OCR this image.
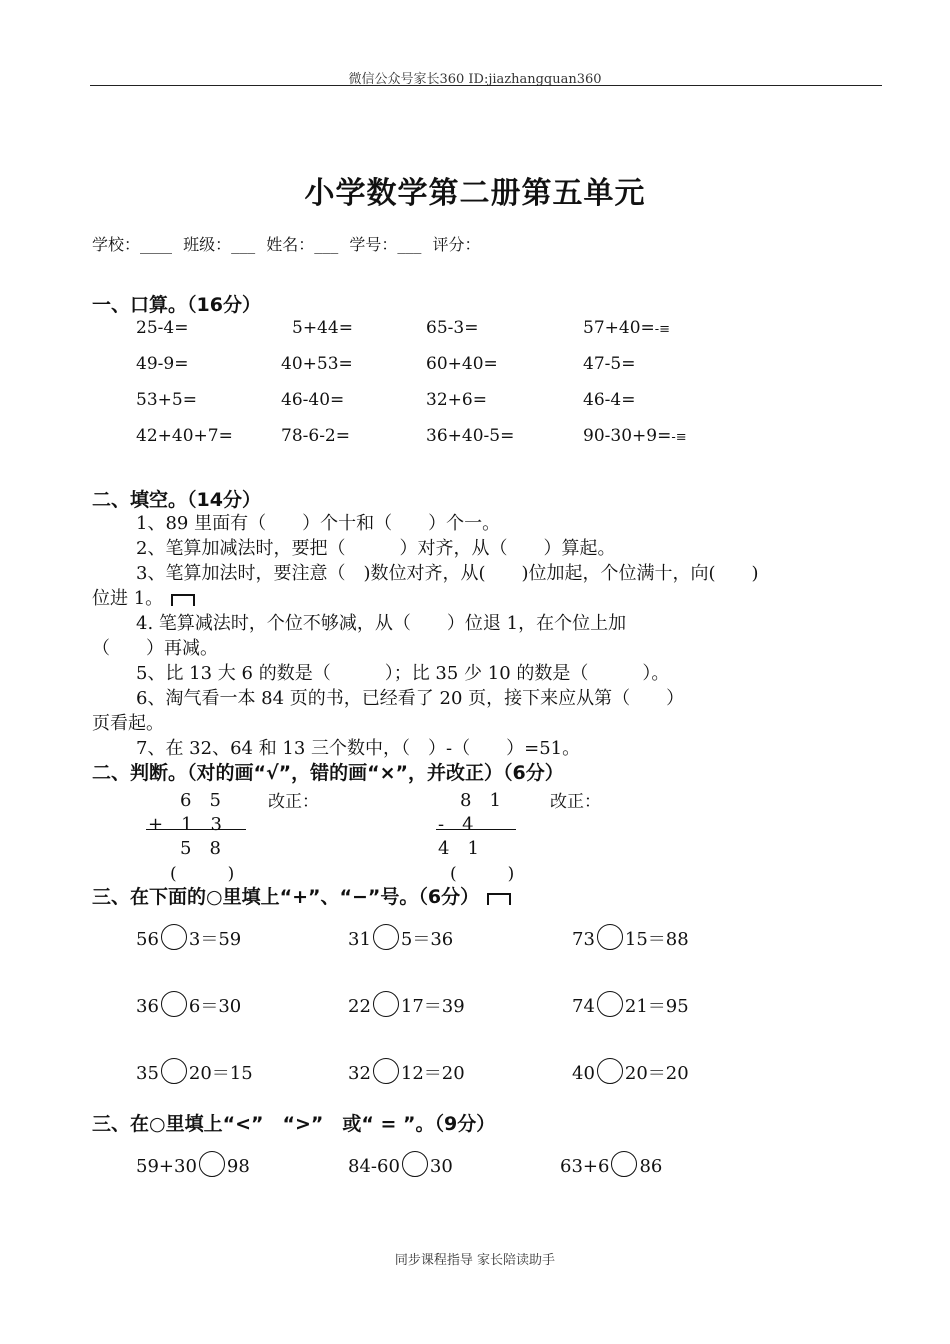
微信公众号家长360 ID:jiazhangquan360
小学数学第二册第五单元
学校：____ 班级：___ 姓名：___ 学号：___ 评分：
一、口算。（16分）
25-4=	5+44=	65-3=	57+40=-≡
49-9=	40+53=	60+40=	47-5=
53+5=	46-40=	32+6=	46-4=
42+40+7=	78-6-2=	36+40-5=	90-30+9=-≡
二、填空。（14分）
1、89 里面有（　　）个十和（　　）个一。
2、笔算加减法时，要把（　　　）对齐，从（　　）算起。
3、笔算加法时，要注意（　)数位对齐，从(　　)位加起，个位满十，向(　　)
位进 1。
4. 笔算减法时，个位不够减，从（　　）位退 1，在个位上加
（　　）再减。
5、比 13 大 6 的数是（　　　）；比 35 少 10 的数是（　　　）。
6、淘气看一本 84 页的书，已经看了 20 页，接下来应从第（　　）
页看起。
7、在 32、64 和 13 三个数中，（　）-（　　）=51。
二、判断。（对的画“√”，错的画“×”，并改正）（6分）
6　5	改正：
+　1　3
5　8
(　　　)
8　1	改正：
-　4
4　1
(　　　)
三、在下面的○里填上“+”、“−”号。（6分）
56 3＝59	31 5＝36	73 15＝88
36 6＝30	22 17＝39	74 21＝95
35 20＝15	32 12＝20	40 20＝20
三、在○里填上“<”　“>”　或“ = ”。（9分）
59+30 98	84-60 30	63+6 86
同步课程指导 家长陪读助手
